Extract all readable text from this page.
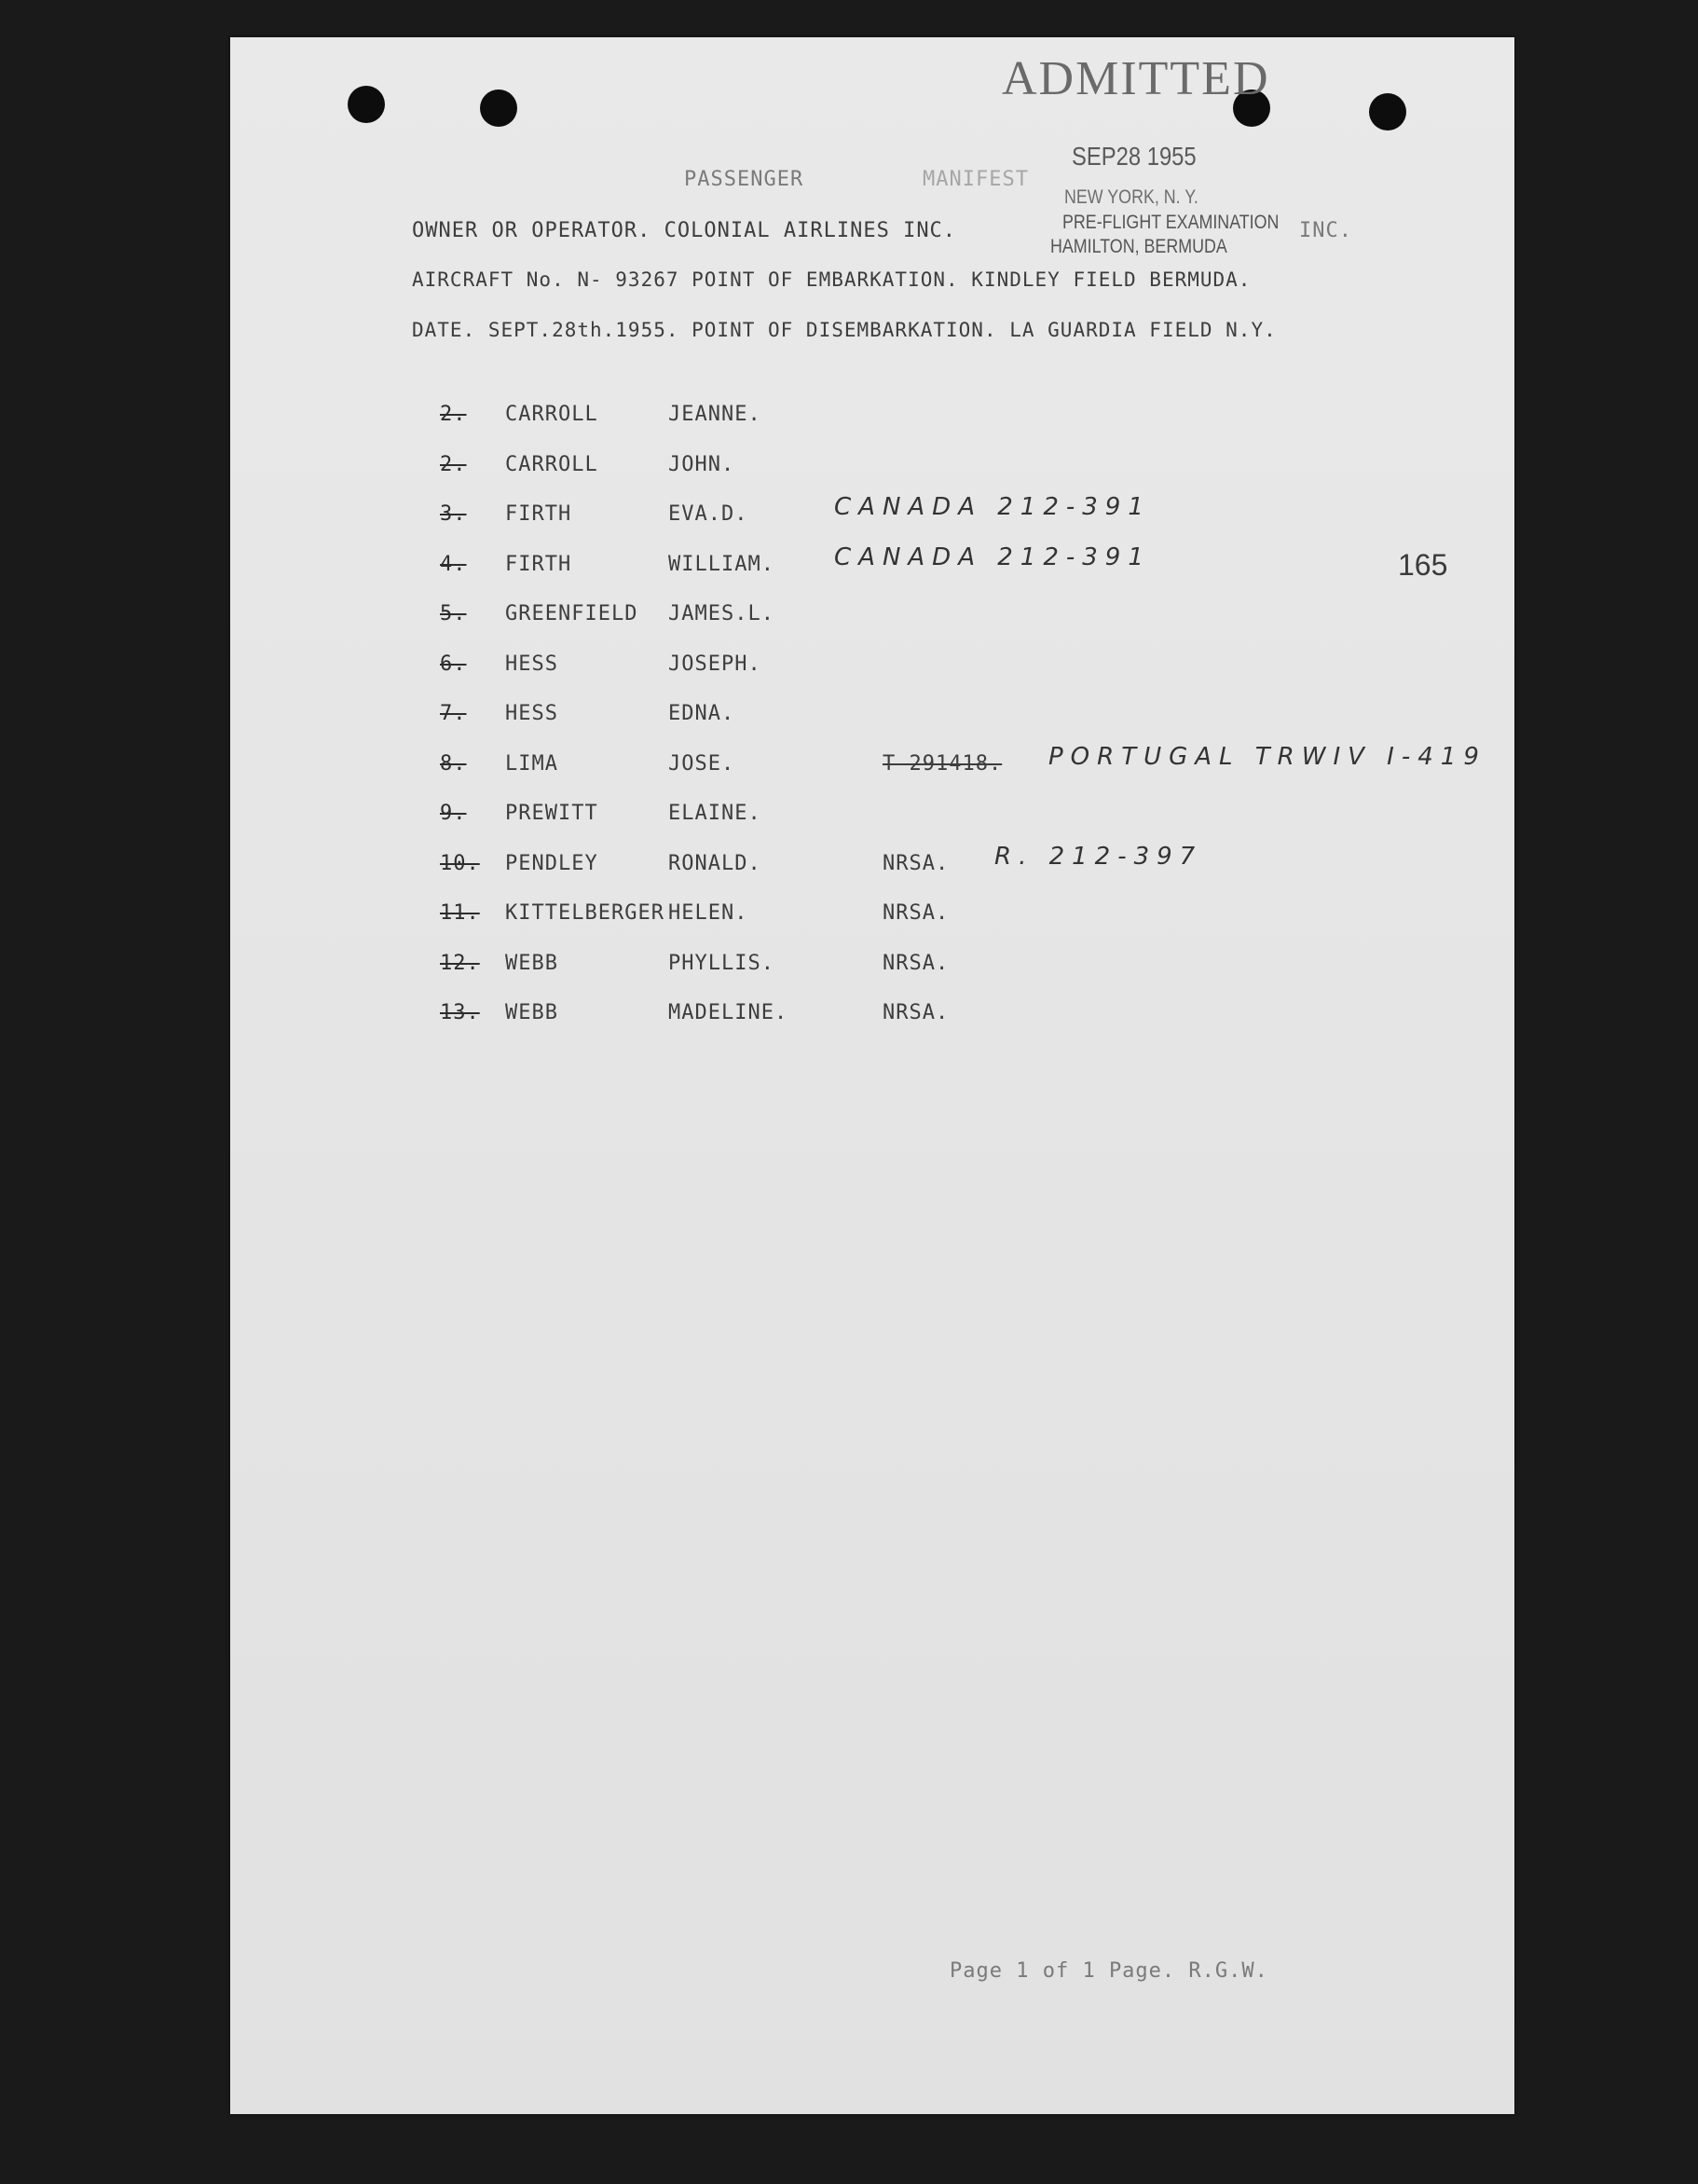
ADMITTED
SEP28 1955
NEW YORK, N. Y.
PRE-FLIGHT EXAMINATION
HAMILTON, BERMUDA
PASSENGER	MANIFEST
OWNER OR OPERATOR. COLONIAL AIRLINES INC.	INC.
AIRCRAFT No. N- 93267 POINT OF EMBARKATION. KINDLEY FIELD BERMUDA.
DATE. SEPT.28th.1955. POINT OF DISEMBARKATION. LA GUARDIA FIELD N.Y.
165
2. CARROLL	JEANNE.
2. CARROLL	JOHN.
3. FIRTH	EVA.D.	CANADA 212-391
4. FIRTH	WILLIAM. CANADA 212-391
5. GREENFIELD JAMES.L.
6. HESS	JOSEPH.
7. HESS	EDNA.
8. LIMA	JOSE.	T-291418. PORTUGAL TRWIV I-419
9. PREWITT	ELAINE.
10. PENDLEY	RONALD.	NRSA. R. 212-397
11. KITTELBERGER HELEN.	NRSA.
12. WEBB	PHYLLIS.	NRSA.
13. WEBB	MADELINE.	NRSA.
Page 1 of 1 Page. R.G.W.
